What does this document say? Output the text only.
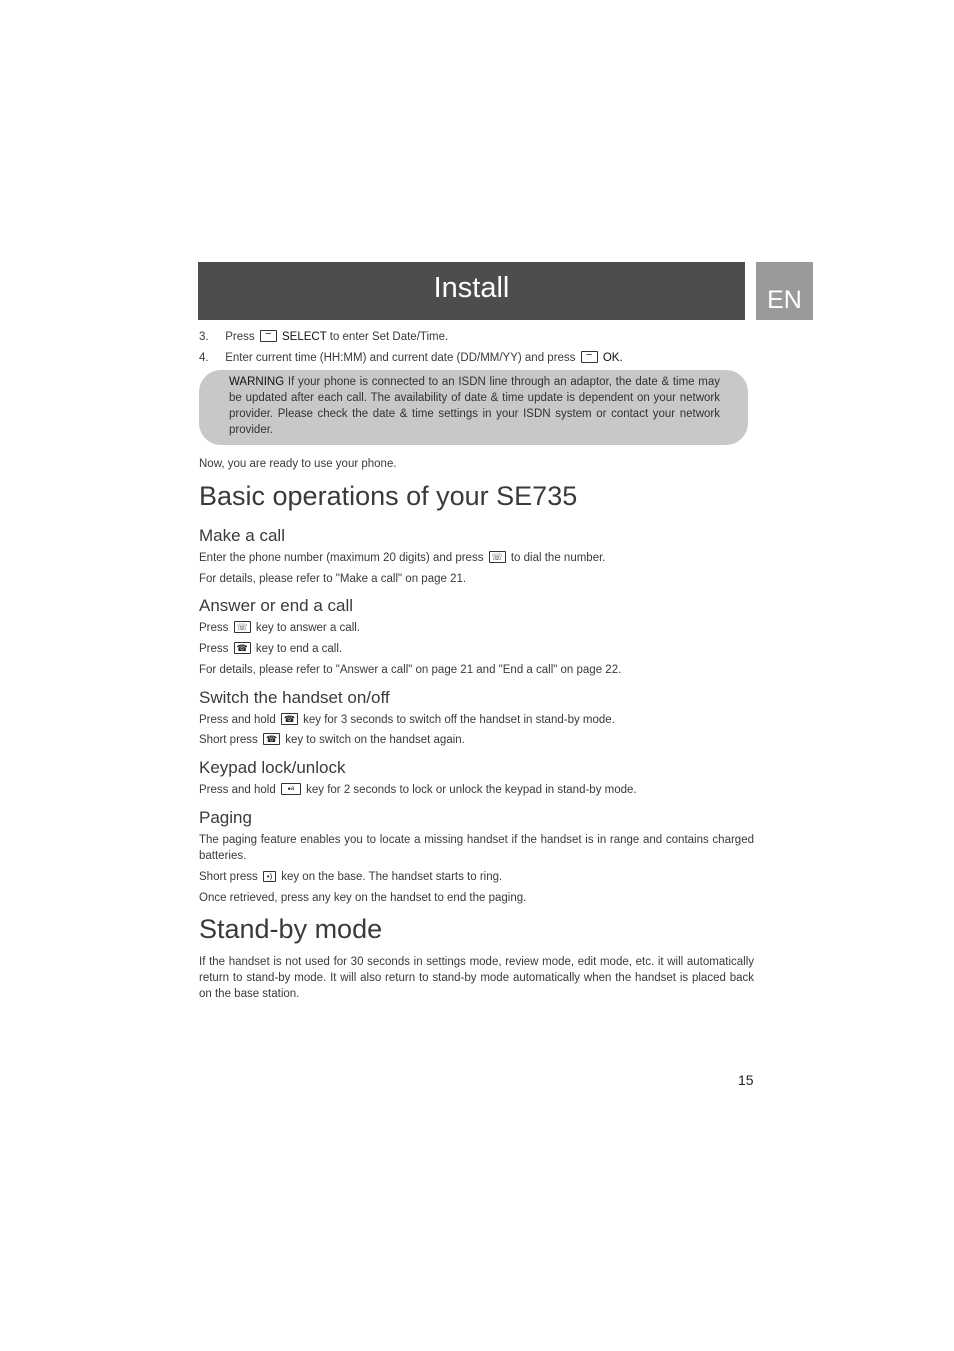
Install	EN
3. Press − SELECT to enter Set Date/Time.
4. Enter current time (HH:MM) and current date (DD/MM/YY) and press − OK.

WARNING If your phone is connected to an ISDN line through an adaptor, the date & time may be updated after each call. The availability of date & time update is dependent on your network provider. Please check the date & time settings in your ISDN system or contact your network provider.

Now, you are ready to use your phone.
Basic operations of your SE735
Make a call
Enter the phone number (maximum 20 digits) and press ☏ to dial the number.
For details, please refer to "Make a call" on page 21.
Answer or end a call
Press ☏ key to answer a call.
Press ☎ key to end a call.
For details, please refer to "Answer a call" on page 21 and "End a call" on page 22.
Switch the handset on/off
Press and hold ☎ key for 3 seconds to switch off the handset in stand-by mode.
Short press ☎ key to switch on the handset again.
Keypad lock/unlock
Press and hold	•ᵃ	key for 2 seconds to lock or unlock the keypad in stand-by mode.
Paging

The paging feature enables you to locate a missing handset if the handset is in range and contains charged batteries.

Short press	•) key on the base. The handset starts to ring.
Once retrieved, press any key on the handset to end the paging.
Stand-by mode

If the handset is not used for 30 seconds in settings mode, review mode, edit mode, etc. it will automatically return to stand-by mode. It will also return to stand-by mode automatically when the handset is placed back on the base station.

15
